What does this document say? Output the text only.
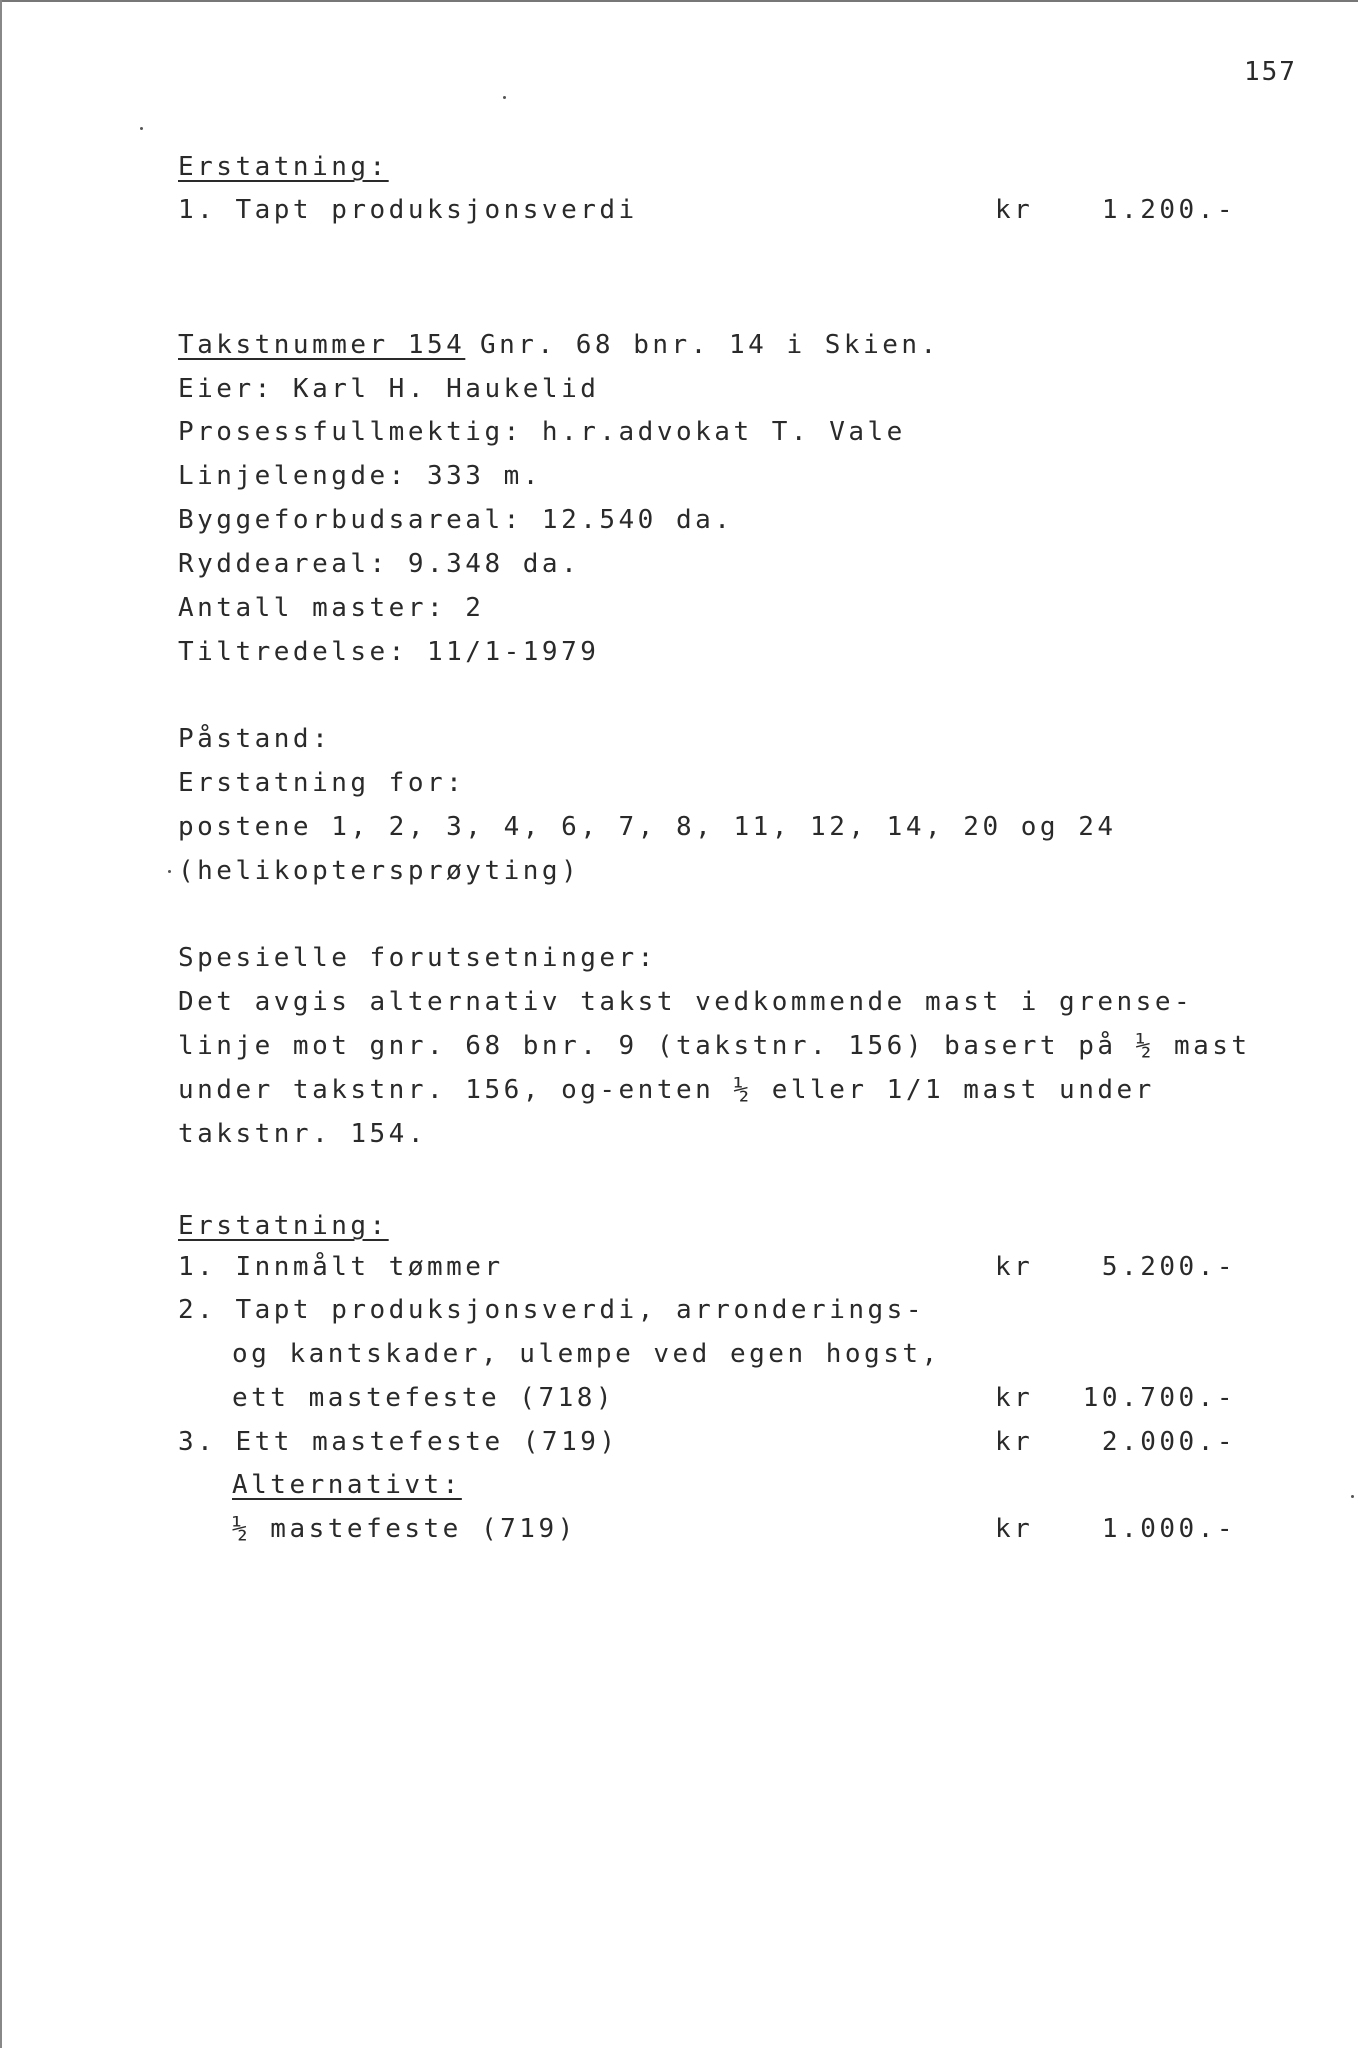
157
Erstatning:
1. Tapt produksjonsverdi	kr	1.200.-
Takstnummer 154 Gnr. 68 bnr. 14 i Skien.
Eier: Karl H. Haukelid
Prosessfullmektig: h.r.advokat T. Vale
Linjelengde: 333 m.
Byggeforbudsareal: 12.540 da.
Ryddeareal: 9.348 da.
Antall master: 2
Tiltredelse: 11/1-1979
Påstand:
Erstatning for:
postene 1, 2, 3, 4, 6, 7, 8, 11, 12, 14, 20 og 24
(helikoptersprøyting)
Spesielle forutsetninger:
Det avgis alternativ takst vedkommende mast i grense-
linje mot gnr. 68 bnr. 9 (takstnr. 156) basert på ½ mast
under takstnr. 156, og-enten ½ eller 1/1 mast under
takstnr. 154.
Erstatning:
1. Innmålt tømmer	kr	5.200.-
2. Tapt produksjonsverdi, arronderings-
og kantskader, ulempe ved egen hogst,
ett mastefeste (718)	kr	10.700.-
3. Ett mastefeste (719)	kr	2.000.-
Alternativt:
½ mastefeste (719)	kr	1.000.-
